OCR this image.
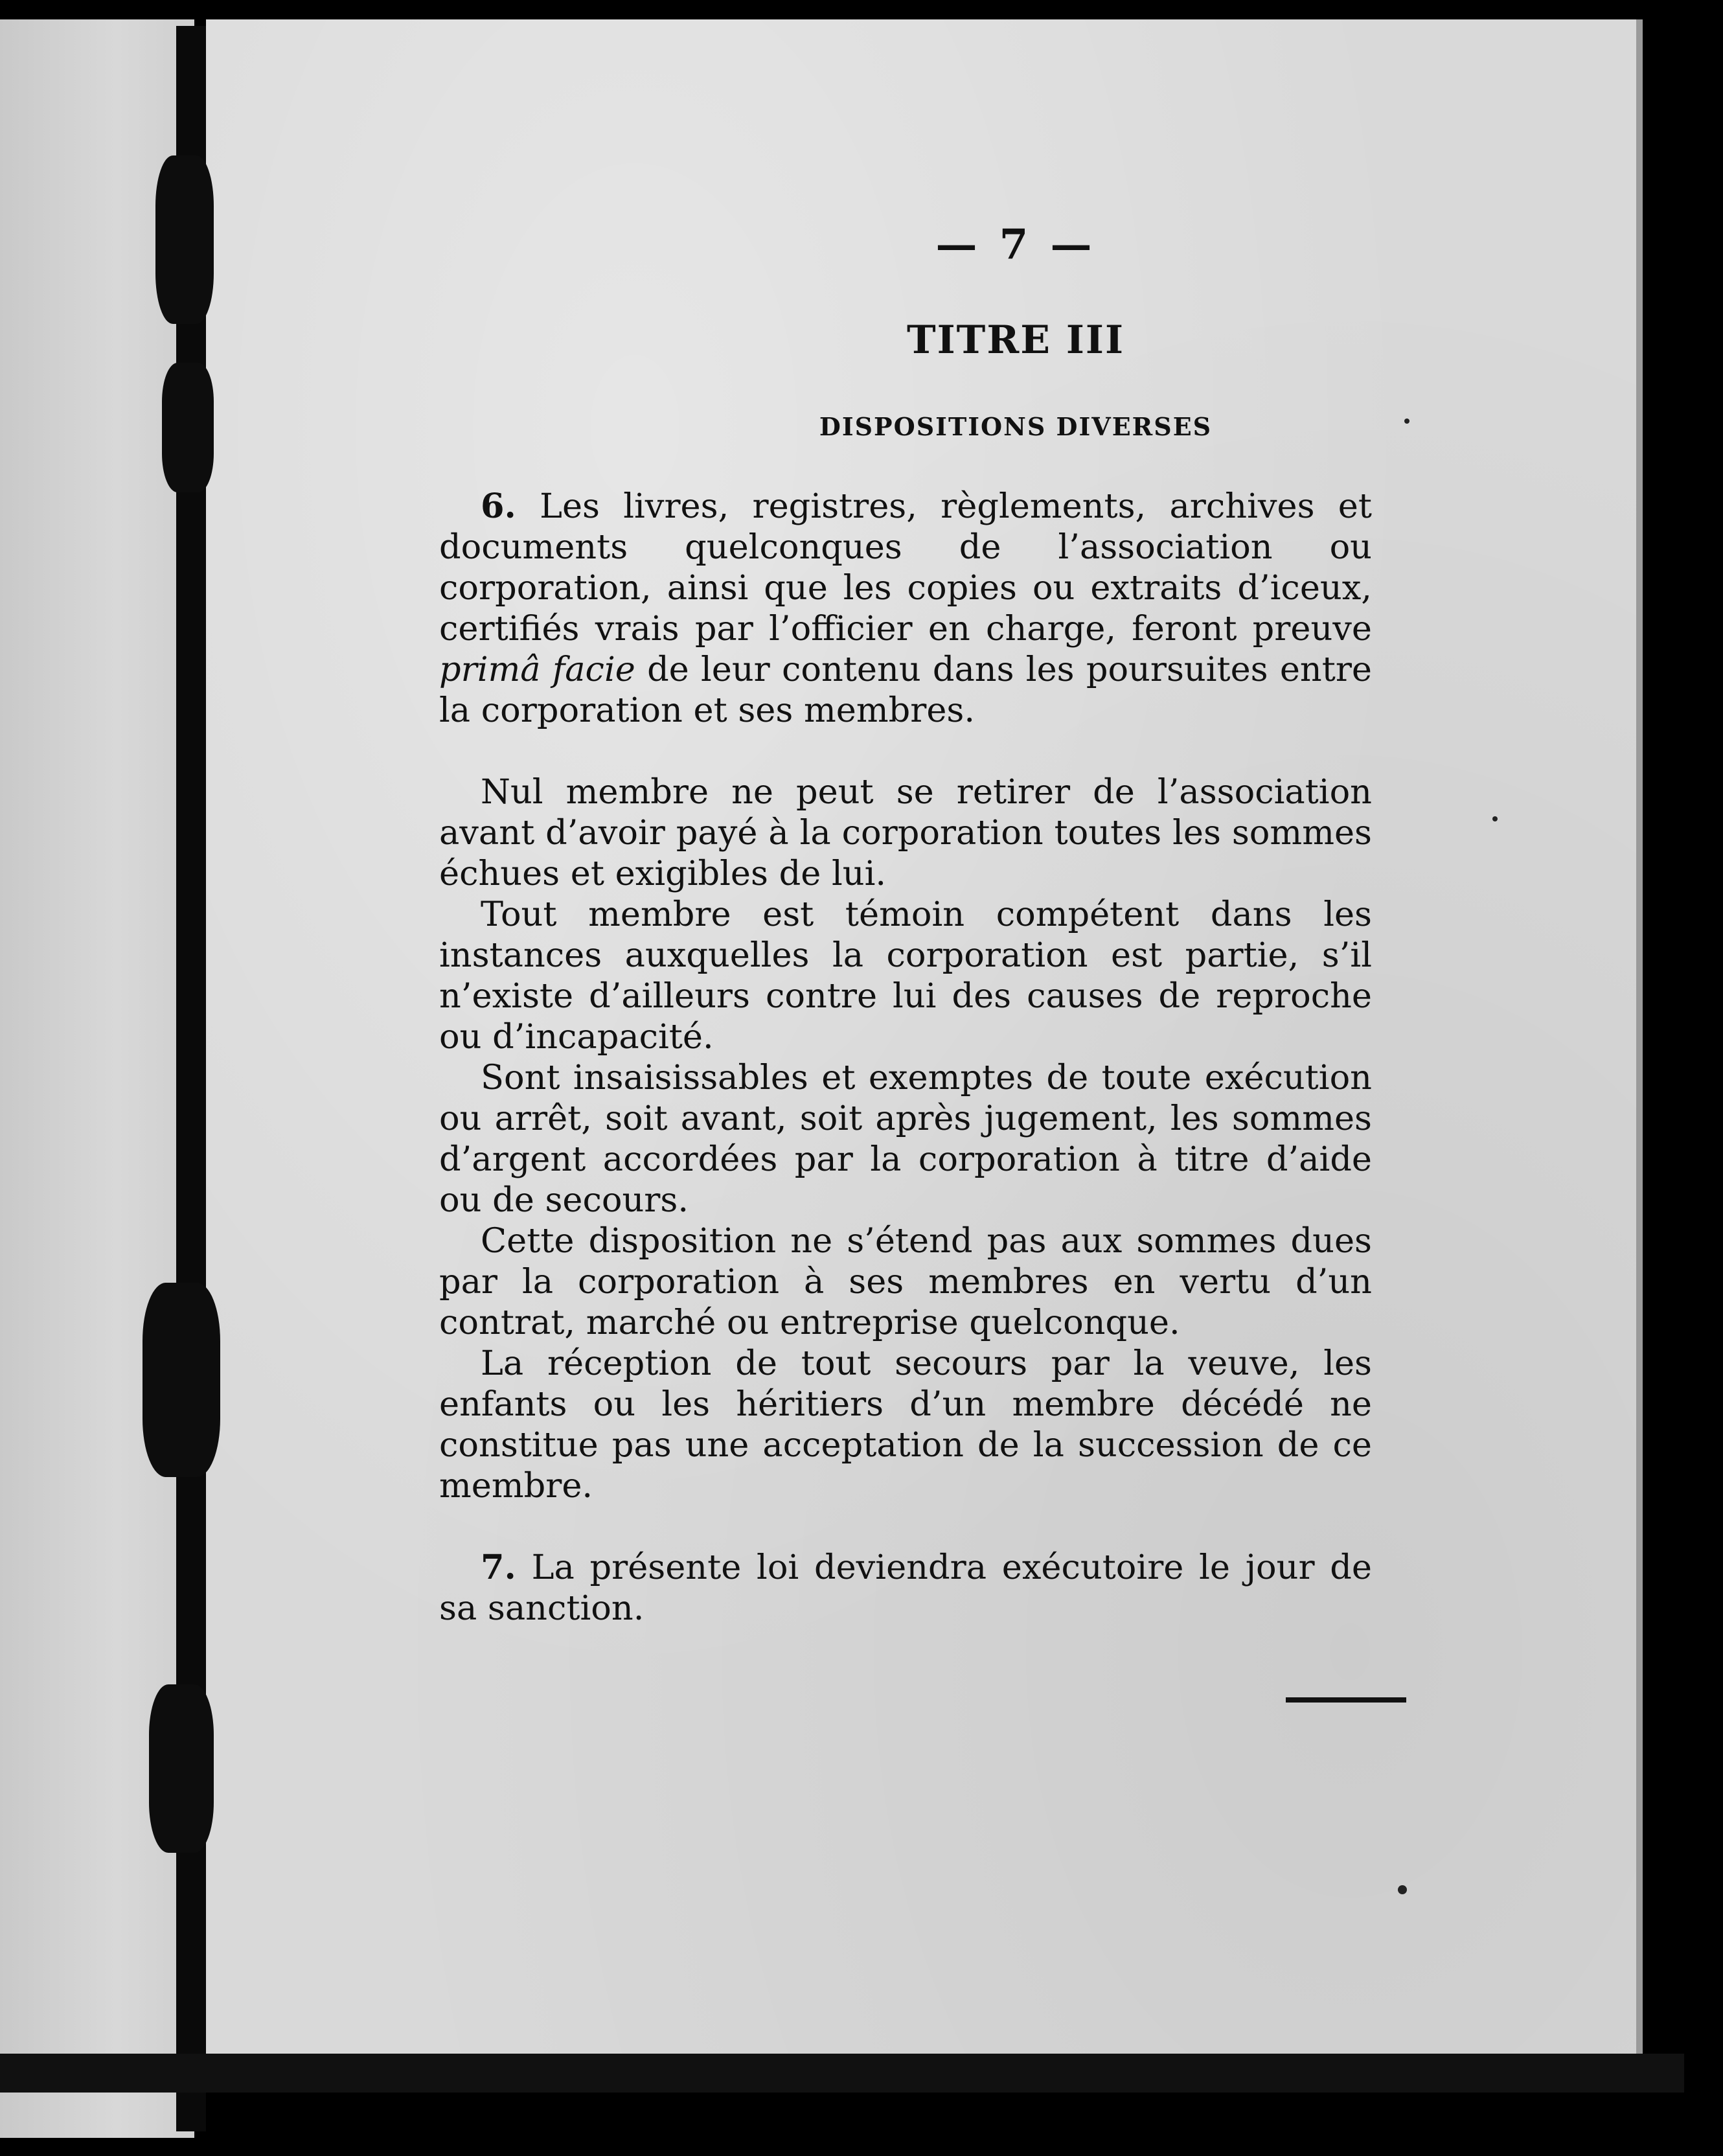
— 7 —
TITRE III
DISPOSITIONS DIVERSES

6. Les livres, registres, règlements, archives et documents quelconques de l’association ou corporation, ainsi que les copies ou extraits d’iceux, certifiés vrais par l’officier en charge, feront preuve primâ facie de leur contenu dans les poursuites entre la corporation et ses membres.

Nul membre ne peut se retirer de l’association avant d’avoir payé à la corporation toutes les sommes échues et exigibles de lui.

Tout membre est témoin compétent dans les instances auxquelles la corporation est partie, s’il n’existe d’ailleurs contre lui des causes de reproche ou d’incapacité.

Sont insaisissables et exemptes de toute exécution ou arrêt, soit avant, soit après jugement, les sommes d’argent accordées par la corporation à titre d’aide ou de secours.

Cette disposition ne s’étend pas aux sommes dues par la corporation à ses membres en vertu d’un contrat, marché ou entreprise quelconque.

La réception de tout secours par la veuve, les enfants ou les héritiers d’un membre décédé ne constitue pas une acceptation de la succession de ce membre.

7. La présente loi deviendra exécutoire le jour de sa sanction.
